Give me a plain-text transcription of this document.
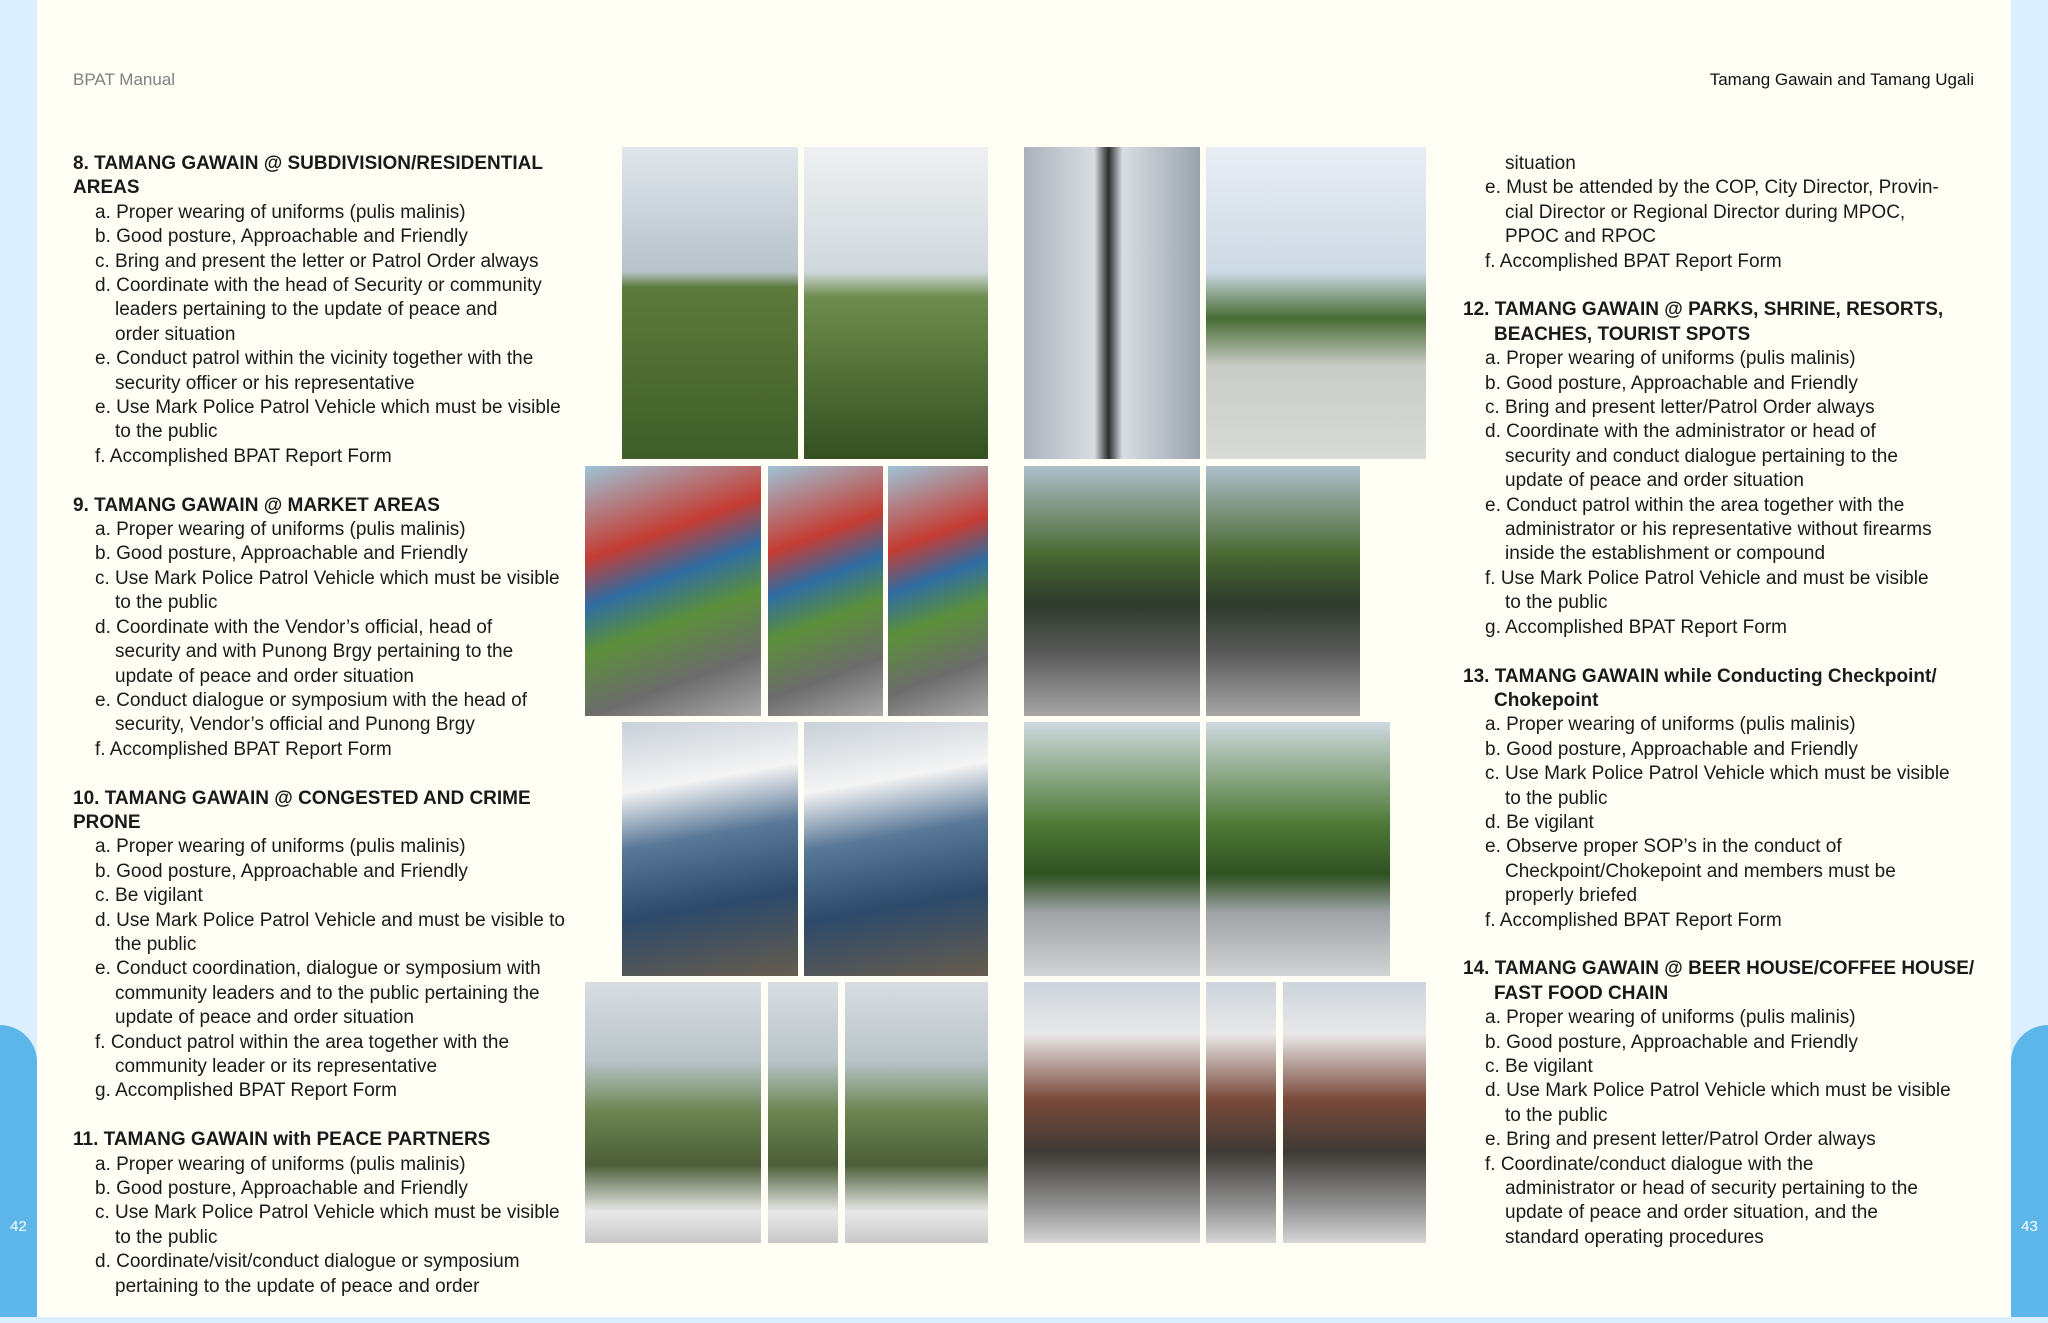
42	43
BPAT Manual	Tamang Gawain and Tamang Ugali

8. TAMANG GAWAIN @ SUBDIVISION/RESIDENTIAL AREAS

a. Proper wearing of uniforms (pulis malinis)

b. Good posture, Approachable and Friendly

c. Bring and present the letter or Patrol Order always

d. Coordinate with the head of Security or community
leaders pertaining to the update of peace and
order situation

e. Conduct patrol within the vicinity together with the
security officer or his representative

e. Use Mark Police Patrol Vehicle which must be visible
to the public

f. Accomplished BPAT Report Form

9. TAMANG GAWAIN @ MARKET AREAS

a. Proper wearing of uniforms (pulis malinis)

b. Good posture, Approachable and Friendly

c. Use Mark Police Patrol Vehicle which must be visible
to the public

d. Coordinate with the Vendor’s official, head of
security and with Punong Brgy pertaining to the
update of peace and order situation

e. Conduct dialogue or symposium with the head of
security, Vendor’s official and Punong Brgy

f. Accomplished BPAT Report Form

10. TAMANG GAWAIN @ CONGESTED AND CRIME PRONE

a. Proper wearing of uniforms (pulis malinis)

b. Good posture, Approachable and Friendly

c. Be vigilant

d. Use Mark Police Patrol Vehicle and must be visible to
the public

e. Conduct coordination, dialogue or symposium with
community leaders and to the public pertaining the
update of peace and order situation

f. Conduct patrol within the area together with the
community leader or its representative

g. Accomplished BPAT Report Form

11. TAMANG GAWAIN with PEACE PARTNERS

a. Proper wearing of uniforms (pulis malinis)

b. Good posture, Approachable and Friendly

c. Use Mark Police Patrol Vehicle which must be visible
to the public

d. Coordinate/visit/conduct dialogue or symposium
pertaining to the update of peace and order

situation

e. Must be attended by the COP, City Director, Provin-
cial Director or Regional Director during MPOC,
PPOC and RPOC

f. Accomplished BPAT Report Form

12. TAMANG GAWAIN @ PARKS, SHRINE, RESORTS,
BEACHES, TOURIST SPOTS

a. Proper wearing of uniforms (pulis malinis)

b. Good posture, Approachable and Friendly

c. Bring and present letter/Patrol Order always

d. Coordinate with the administrator or head of
security and conduct dialogue pertaining to the
update of peace and order situation

e. Conduct patrol within the area together with the
administrator or his representative without firearms
inside the establishment or compound

f. Use Mark Police Patrol Vehicle and must be visible
to the public

g. Accomplished BPAT Report Form

13. TAMANG GAWAIN while Conducting Checkpoint/
Chokepoint

a. Proper wearing of uniforms (pulis malinis)

b. Good posture, Approachable and Friendly

c. Use Mark Police Patrol Vehicle which must be visible
to the public

d. Be vigilant

e. Observe proper SOP’s in the conduct of
Checkpoint/Chokepoint and members must be
properly briefed

f. Accomplished BPAT Report Form

14. TAMANG GAWAIN @ BEER HOUSE/COFFEE HOUSE/
FAST FOOD CHAIN

a. Proper wearing of uniforms (pulis malinis)

b. Good posture, Approachable and Friendly

c. Be vigilant

d. Use Mark Police Patrol Vehicle which must be visible
to the public

e. Bring and present letter/Patrol Order always

f. Coordinate/conduct dialogue with the
administrator or head of security pertaining to the
update of peace and order situation, and the
standard operating procedures
